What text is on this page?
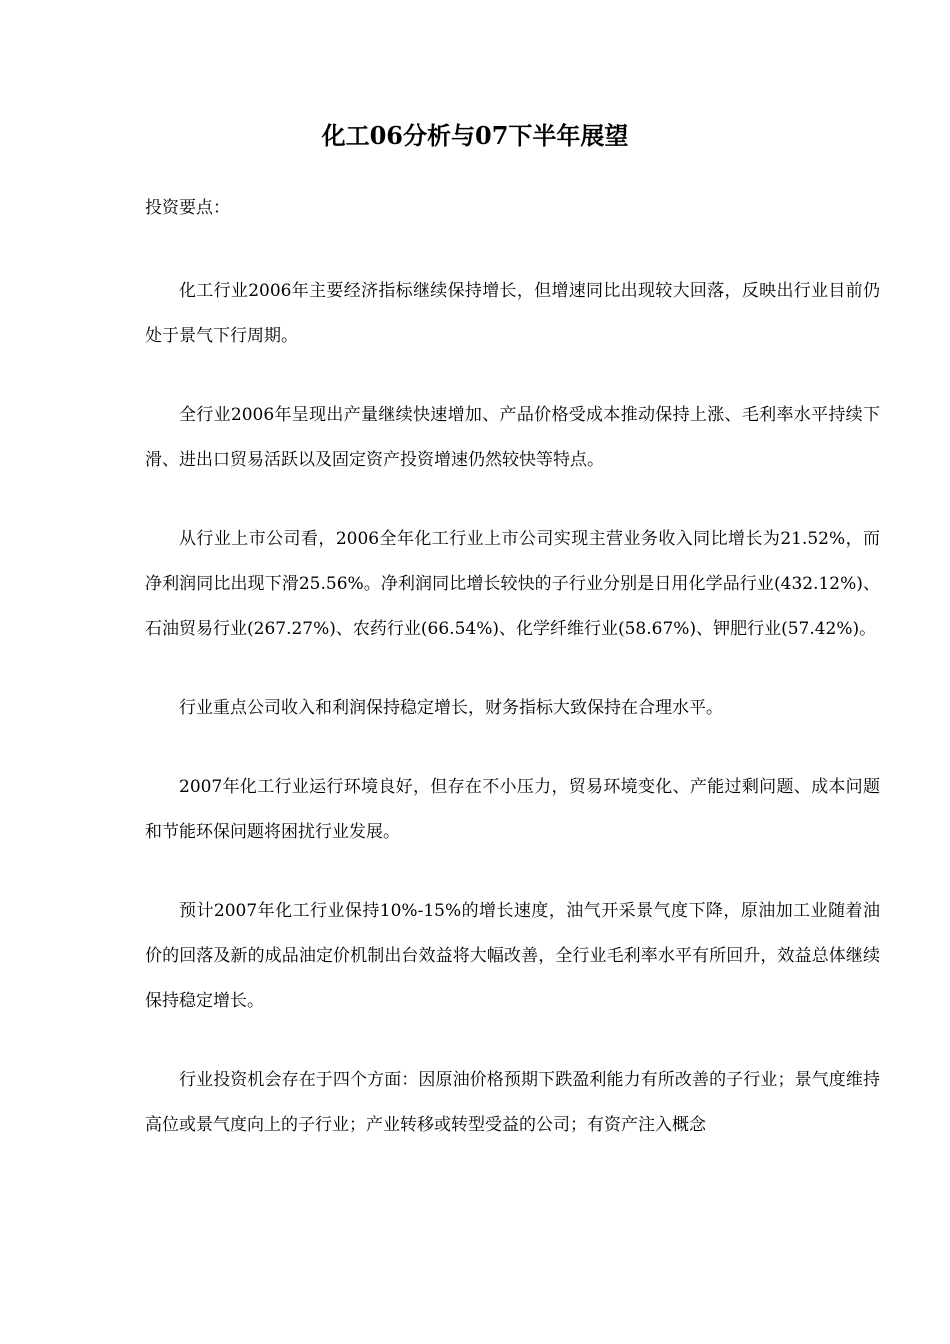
化工06分析与07下半年展望

投资要点：

化工行业2006年主要经济指标继续保持增长，但增速同比出现较大回落，反映出行业目前仍处于景气下行周期。

全行业2006年呈现出产量继续快速增加、产品价格受成本推动保持上涨、毛利率水平持续下滑、进出口贸易活跃以及固定资产投资增速仍然较快等特点。

从行业上市公司看，2006全年化工行业上市公司实现主营业务收入同比增长为21.52%，而净利润同比出现下滑25.56%。净利润同比增长较快的子行业分别是日用化学品行业(432.12%)、石油贸易行业(267.27%)、农药行业(66.54%)、化学纤维行业(58.67%)、钾肥行业(57.42%)。

行业重点公司收入和利润保持稳定增长，财务指标大致保持在合理水平。

2007年化工行业运行环境良好，但存在不小压力，贸易环境变化、产能过剩问题、成本问题和节能环保问题将困扰行业发展。

预计2007年化工行业保持10%-15%的增长速度，油气开采景气度下降，原油加工业随着油价的回落及新的成品油定价机制出台效益将大幅改善，全行业毛利率水平有所回升，效益总体继续保持稳定增长。

行业投资机会存在于四个方面：因原油价格预期下跌盈利能力有所改善的子行业；景气度维持高位或景气度向上的子行业；产业转移或转型受益的公司；有资产注入概念
